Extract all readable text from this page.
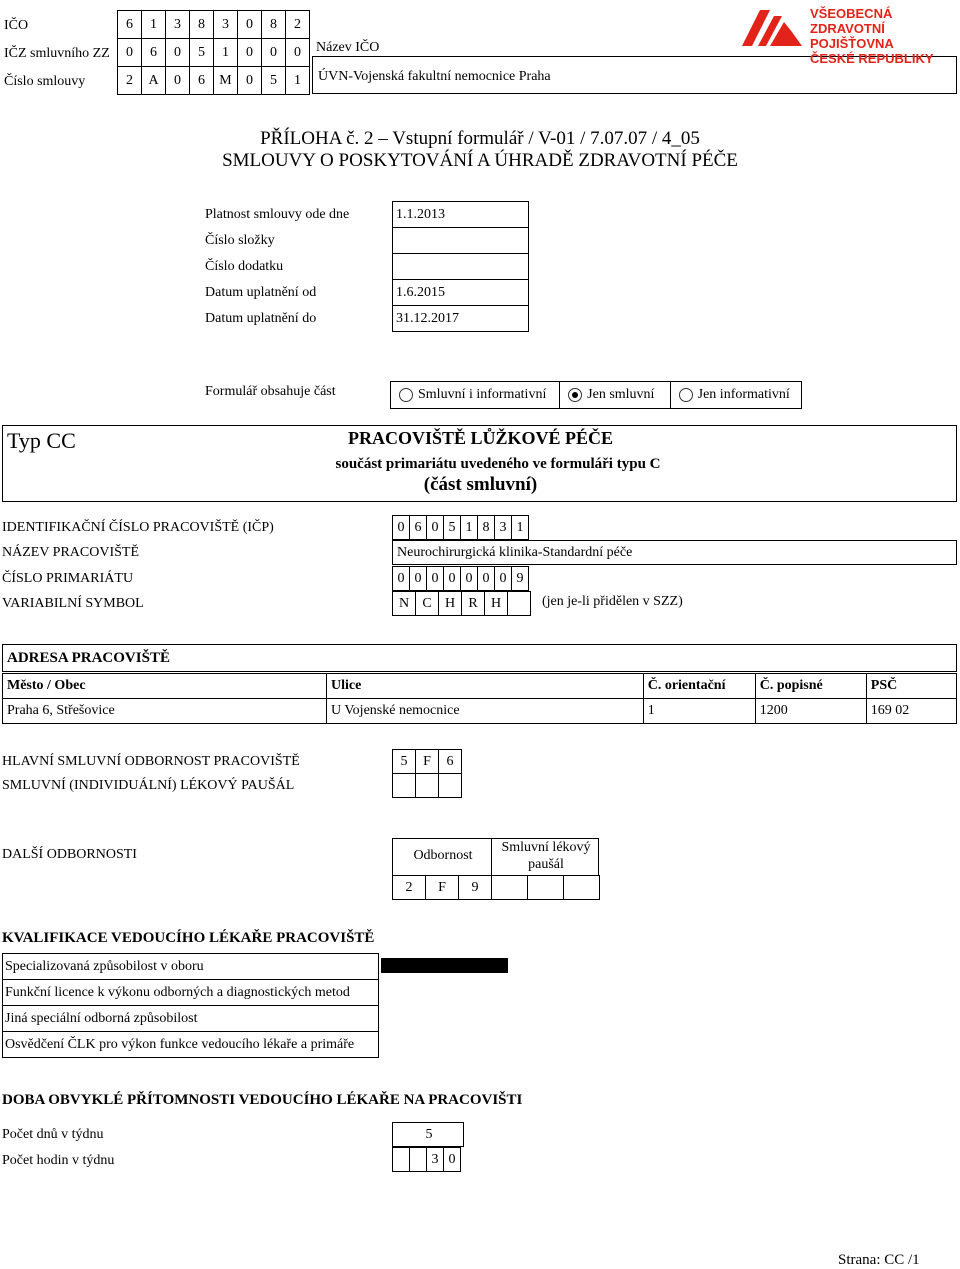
IČO	6	1	3	8	3	0	8	2
IČZ smluvního ZZ	0	6	0	5	1	0	0	0
Číslo smlouvy	2	A	0	6	M	0	5	1
Název IČO
ÚVN-Vojenská fakultní nemocnice Praha
VŠEOBECNÁ
ZDRAVOTNÍ POJIŠŤOVNA
ČESKÉ REPUBLIKY
PŘÍLOHA č. 2 – Vstupní formulář / V-01 / 7.07.07 / 4_05
SMLOUVY O POSKYTOVÁNÍ A ÚHRADĚ ZDRAVOTNÍ PÉČE
Platnost smlouvy ode dne	1.1.2013
Číslo složky
Číslo dodatku
Datum uplatnění od	1.6.2015
Datum uplatnění do	31.12.2017
Formulář obsahuje část	Smluvní i informativní	Jen smluvní	Jen informativní
Typ CC	PRACOVIŠTĚ LŮŽKOVÉ PÉČE
součást primariátu uvedeného ve formuláři typu C
(část smluvní)
IDENTIFIKAČNÍ ČÍSLO PRACOVIŠTĚ (IČP)	0 6 0 5 1 8 3 1
NÁZEV PRACOVIŠTĚ	Neurochirurgická klinika-Standardní péče
ČÍSLO PRIMARIÁTU	0 0 0 0 0 0 0 9
VARIABILNÍ SYMBOL	N C H R H	(jen je-li přidělen v SZZ)
ADRESA PRACOVIŠTĚ
Město / Obec	Ulice	Č. orientační	Č. popisné	PSČ
Praha 6, Střešovice	U Vojenské nemocnice	1	1200	169 02
HLAVNÍ SMLUVNÍ ODBORNOST PRACOVIŠTĚ	5	F	6
SMLUVNÍ (INDIVIDUÁLNÍ) LÉKOVÝ PAUŠÁL
DALŠÍ ODBORNOSTI	Odbornost
Smluvní lékový paušál
2	F	9
KVALIFIKACE VEDOUCÍHO LÉKAŘE PRACOVIŠTĚ
Specializovaná způsobilost v oboru
Funkční licence k výkonu odborných a diagnostických metod
Jiná speciální odborná způsobilost
Osvědčení ČLK pro výkon funkce vedoucího lékaře a primáře
DOBA OBVYKLÉ PŘÍTOMNOSTI VEDOUCÍHO LÉKAŘE NA PRACOVIŠTI
Počet dnů v týdnu	5
Počet hodin v týdnu	3 0
Strana: CC /1
